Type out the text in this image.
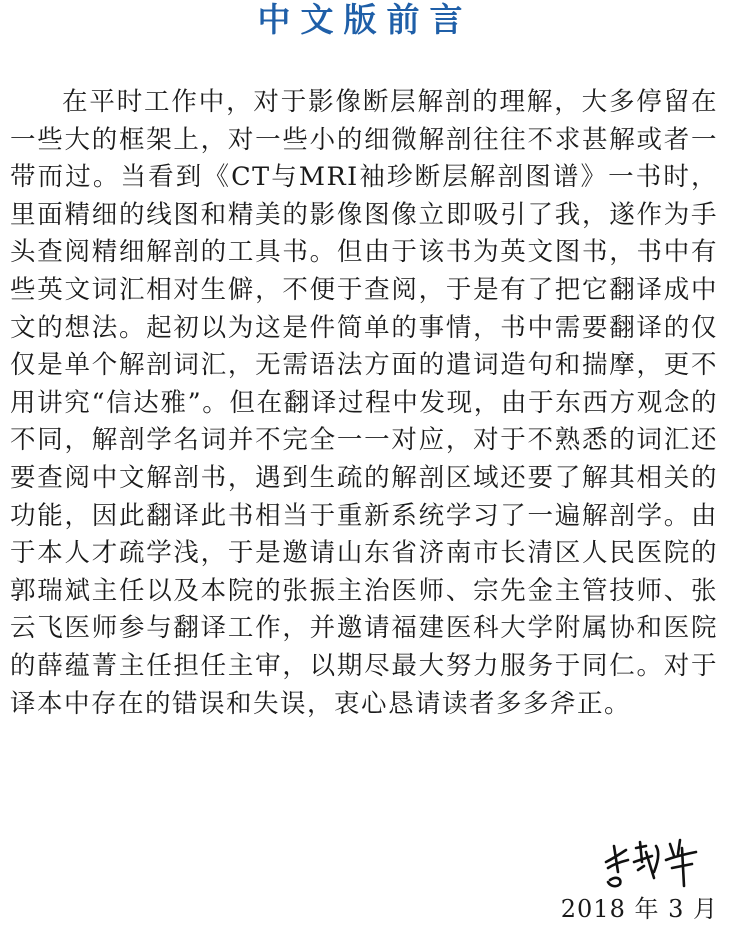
中文版前言

在平时工作中，对于影像断层解剖的理解，大多停留在一些大的框架上，对一些小的细微解剖往往不求甚解或者一带而过。当看到《CT与MRI袖珍断层解剖图谱》一书时，里面精细的线图和精美的影像图像立即吸引了我，遂作为手头查阅精细解剖的工具书。但由于该书为英文图书，书中有些英文词汇相对生僻，不便于查阅，于是有了把它翻译成中文的想法。起初以为这是件简单的事情，书中需要翻译的仅仅是单个解剖词汇，无需语法方面的遣词造句和揣摩，更不用讲究“信达雅”。但在翻译过程中发现，由于东西方观念的不同，解剖学名词并不完全一一对应，对于不熟悉的词汇还要查阅中文解剖书，遇到生疏的解剖区域还要了解其相关的功能，因此翻译此书相当于重新系统学习了一遍解剖学。由于本人才疏学浅，于是邀请山东省济南市长清区人民医院的郭瑞斌主任以及本院的张振主治医师、宗先金主管技师、张云飞医师参与翻译工作，并邀请福建医科大学附属协和医院的薛蕴菁主任担任主审，以期尽最大努力服务于同仁。对于译本中存在的错误和失误，衷心恳请读者多多斧正。

2018 年 3 月
